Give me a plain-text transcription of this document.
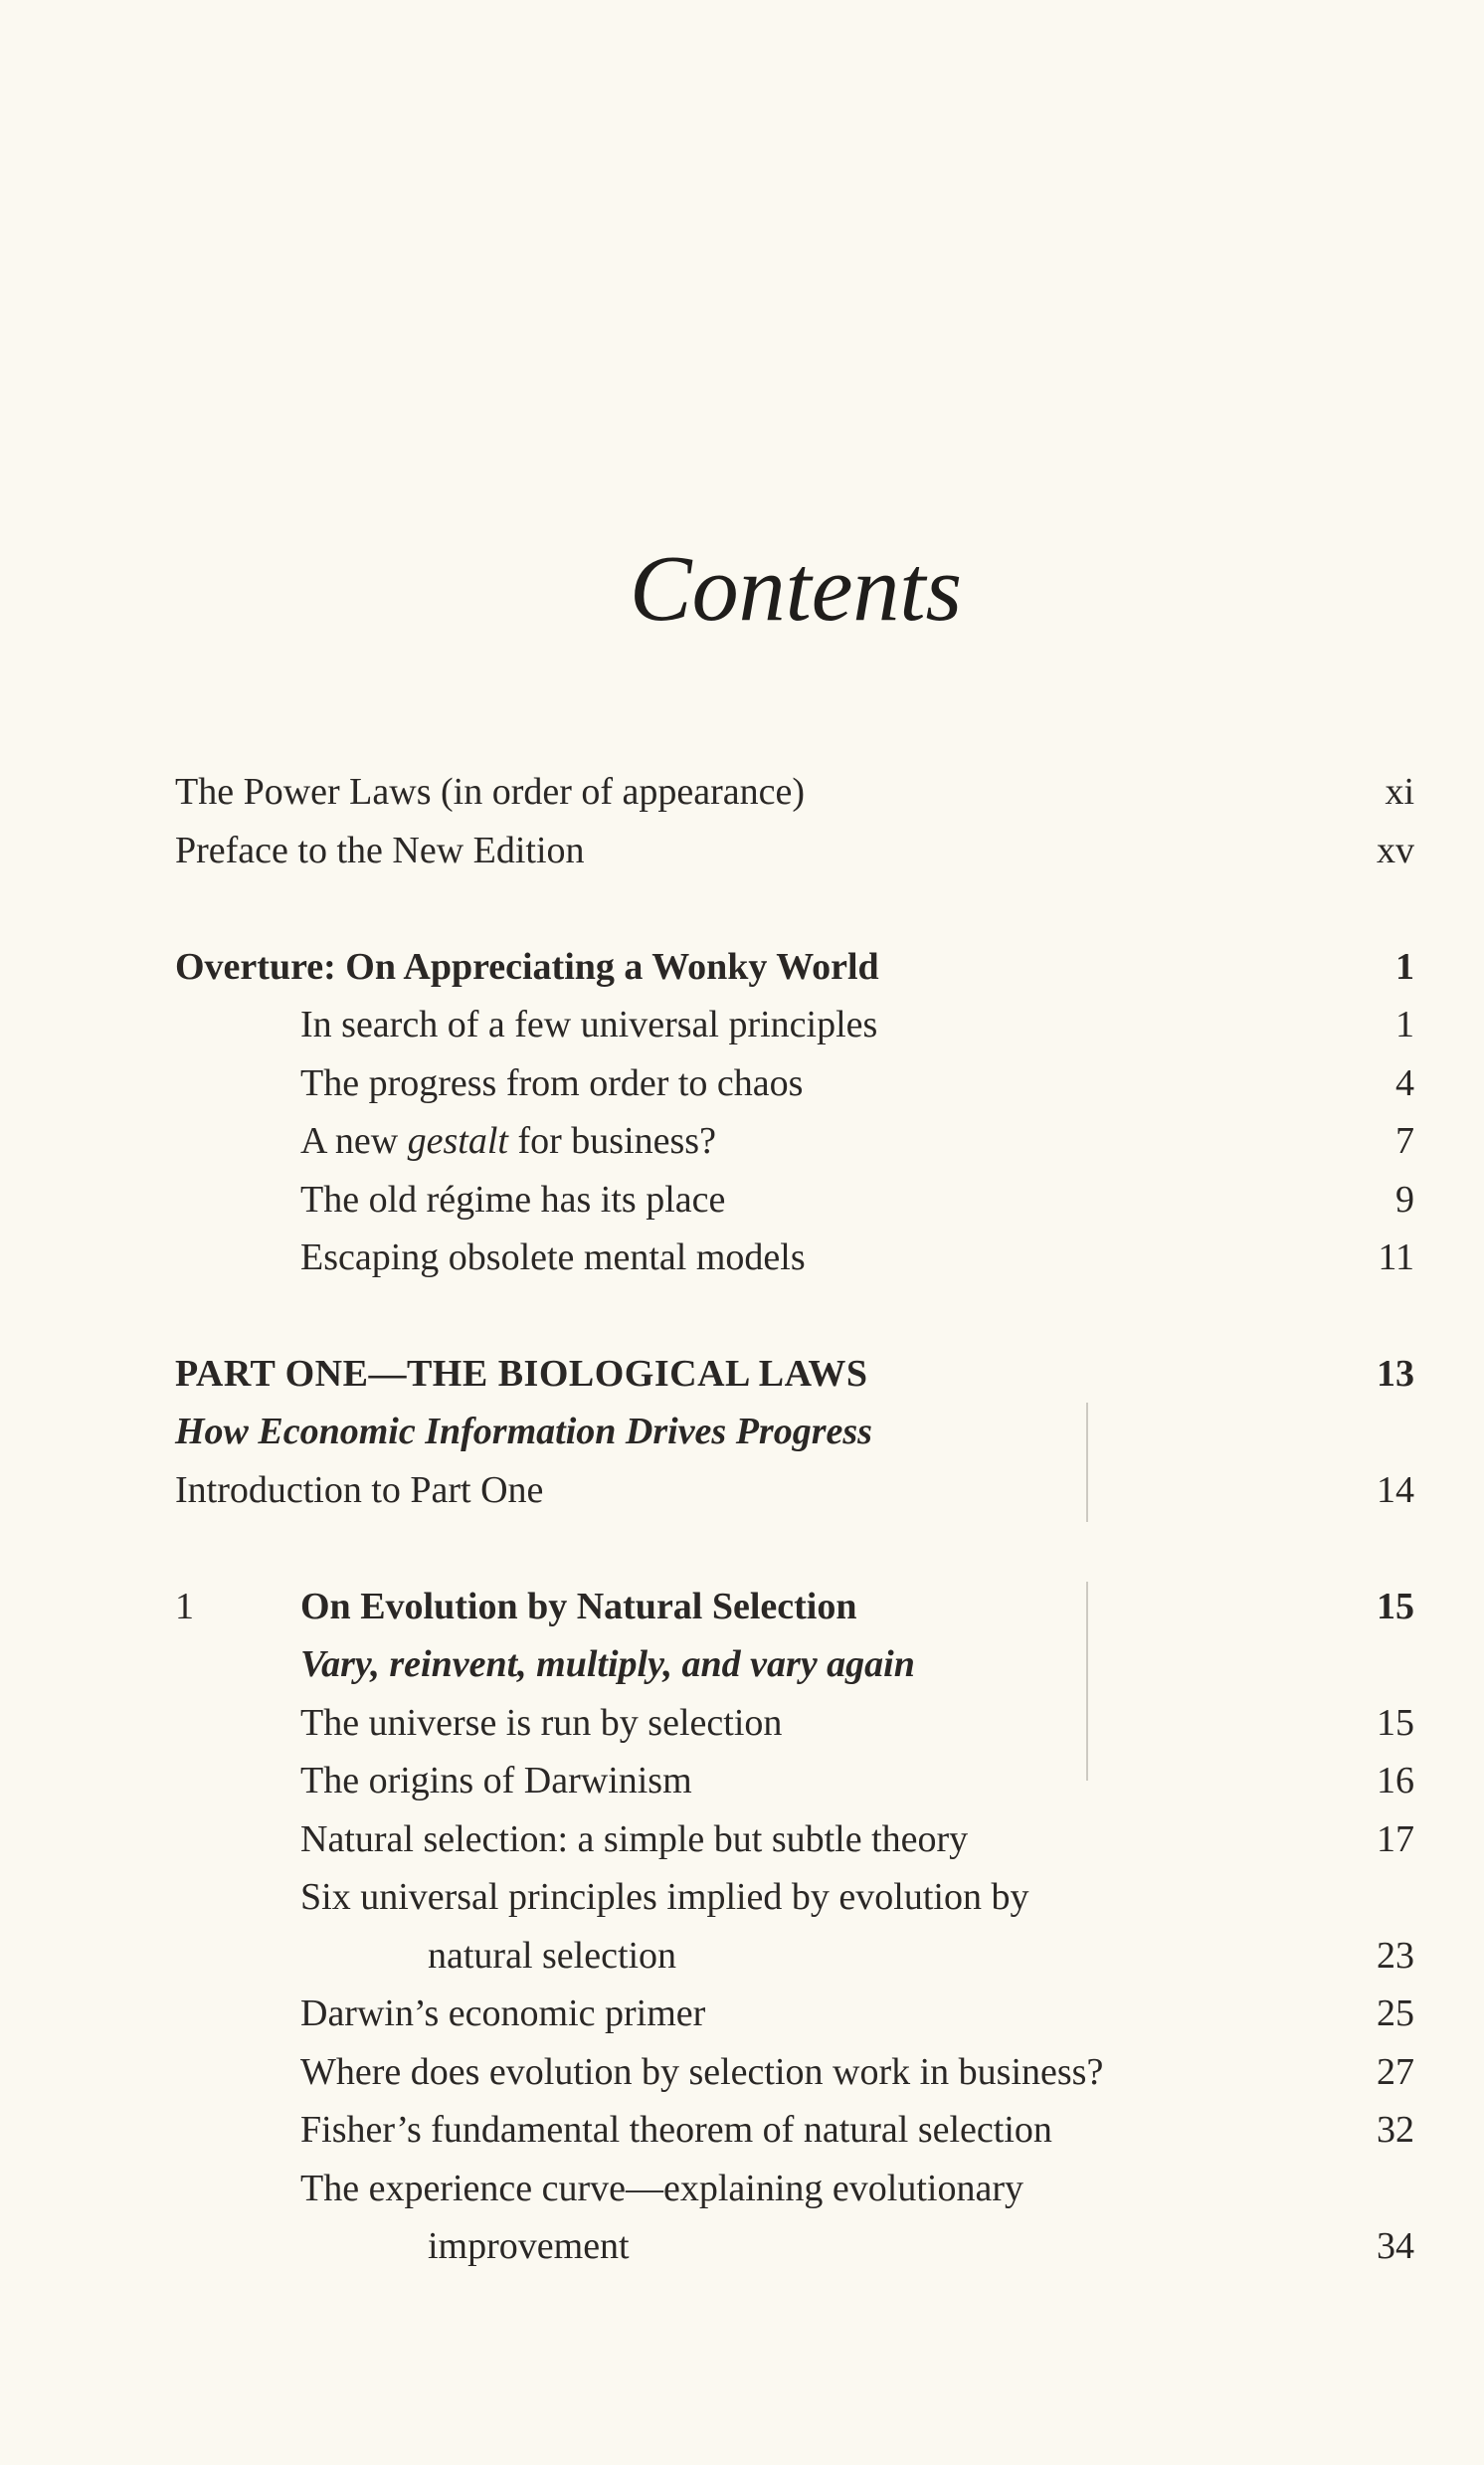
Contents
The Power Laws (in order of appearance)	xi
Preface to the New Edition	xv
Overture: On Appreciating a Wonky World	1
In search of a few universal principles	1
The progress from order to chaos	4
A new gestalt for business?	7
The old régime has its place	9
Escaping obsolete mental models	11
PART ONE—THE BIOLOGICAL LAWS	13
How Economic Information Drives Progress
Introduction to Part One	14
1	On Evolution by Natural Selection	15
Vary, reinvent, multiply, and vary again
The universe is run by selection	15
The origins of Darwinism	16
Natural selection: a simple but subtle theory	17
Six universal principles implied by evolution by
natural selection	23
Darwin’s economic primer	25
Where does evolution by selection work in business?	27
Fisher’s fundamental theorem of natural selection	32
The experience curve—explaining evolutionary
improvement	34
